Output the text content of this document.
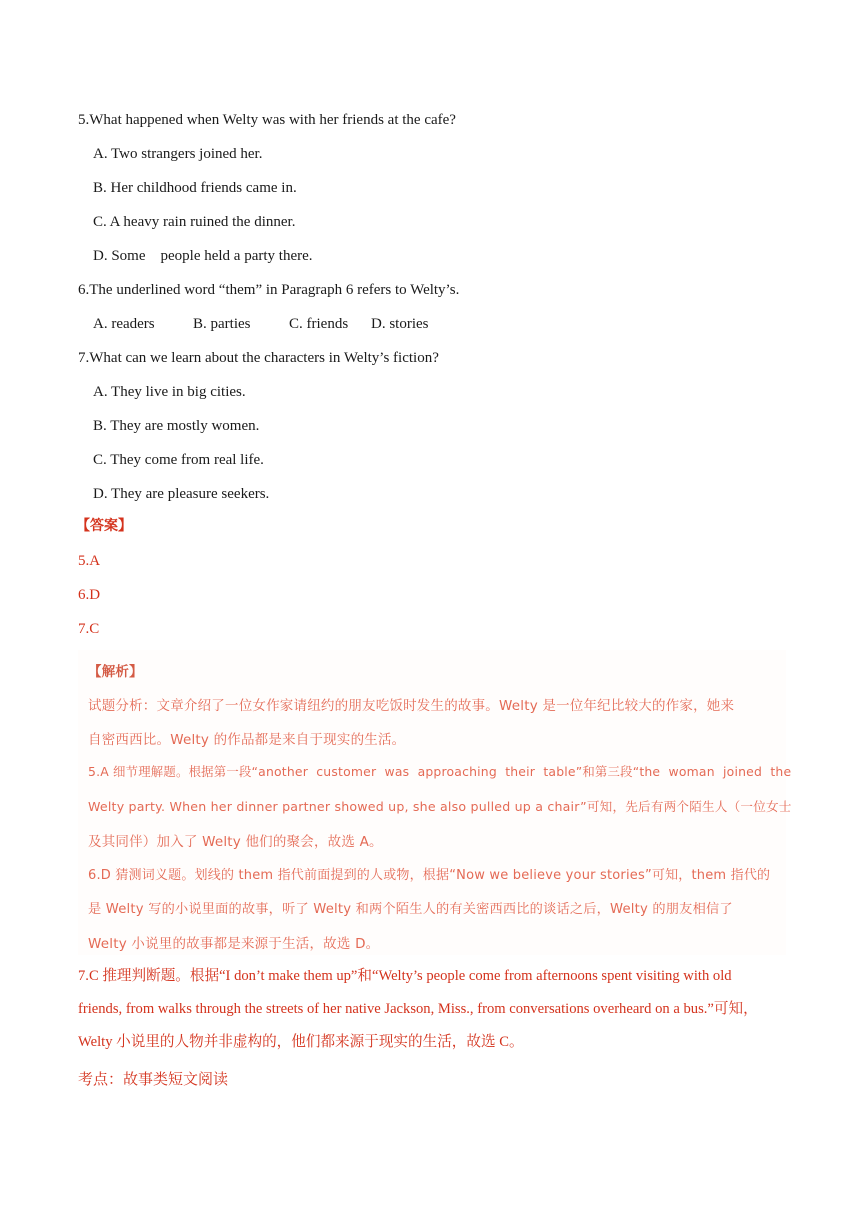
5.What happened when Welty was with her friends at the cafe?
A. Two strangers joined her.
B. Her childhood friends came in.
C. A heavy rain ruined the dinner.
D. Some    people held a party there.
6.The underlined word “them” in Paragraph 6 refers to Welty’s.
A. readers	B. parties	C. friends D. stories
7.What can we learn about the characters in Welty’s fiction?
A. They live in big cities.
B. They are mostly women.
C. They come from real life.
D. They are pleasure seekers.
【答案】
5.A
6.D
7.C
【解析】
试题分析：文章介绍了一位女作家请纽约的朋友吃饭时发生的故事。Welty 是一位年纪比较大的作家，她来
自密西西比。Welty 的作品都是来自于现实的生活。
5.A 细节理解题。根据第一段“another  customer  was  approaching  their  table”和第三段“the  woman  joined  the
Welty party. When her dinner partner showed up, she also pulled up a chair”可知，先后有两个陌生人（一位女士
及其同伴）加入了 Welty 他们的聚会，故选 A。
6.D 猜测词义题。划线的 them 指代前面提到的人或物，根据“Now we believe your stories”可知，them 指代的
是 Welty 写的小说里面的故事，听了 Welty 和两个陌生人的有关密西西比的谈话之后，Welty 的朋友相信了
Welty 小说里的故事都是来源于生活，故选 D。
7.C 推理判断题。根据“I don’t make them up”和“Welty’s people come from afternoons spent visiting with old
friends, from walks through the streets of her native Jackson, Miss., from conversations overheard on a bus.”可知，
Welty 小说里的人物并非虚构的，他们都来源于现实的生活，故选 C。
考点：故事类短文阅读
